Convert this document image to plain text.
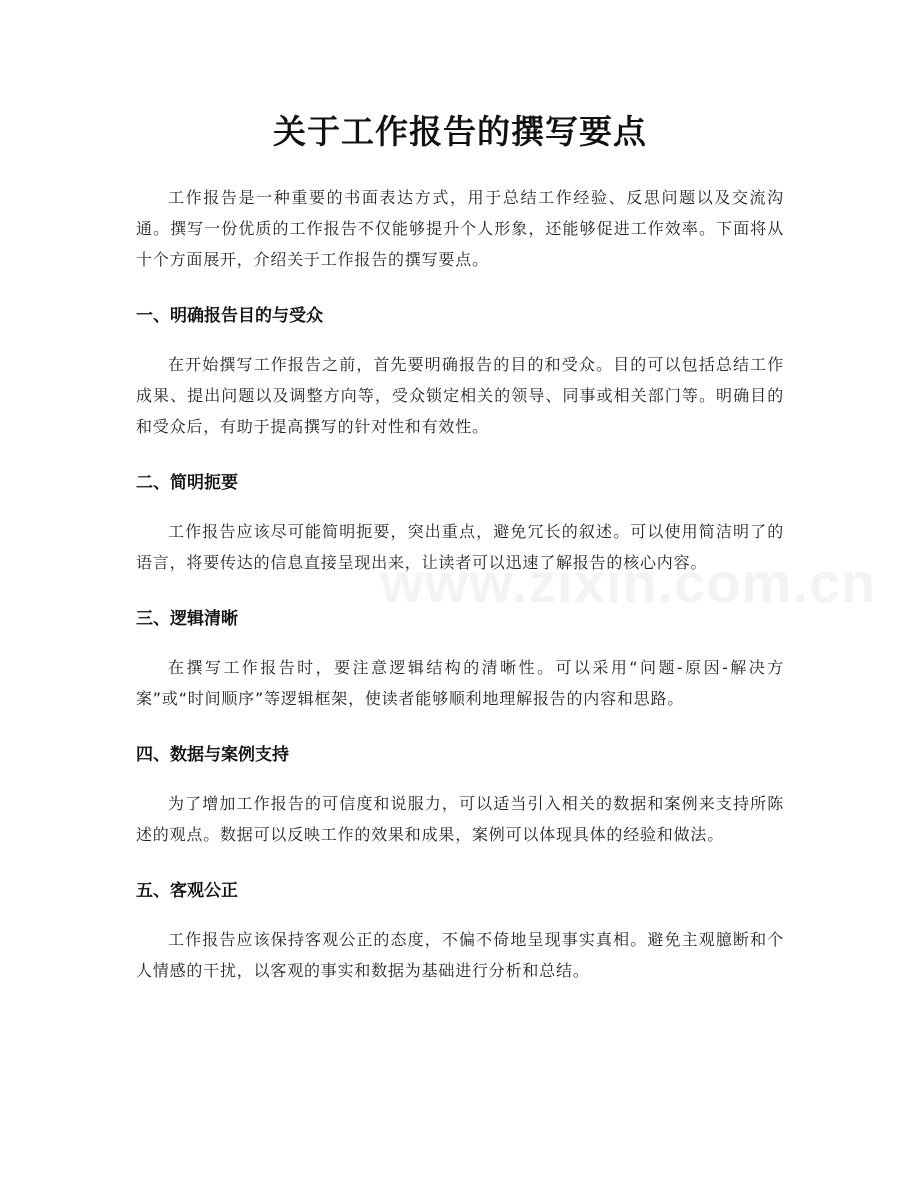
关于工作报告的撰写要点

工作报告是一种重要的书面表达方式，用于总结工作经验、反思问题以及交流沟通。撰写一份优质的工作报告不仅能够提升个人形象，还能够促进工作效率。下面将从十个方面展开，介绍关于工作报告的撰写要点。

一、明确报告目的与受众

在开始撰写工作报告之前，首先要明确报告的目的和受众。目的可以包括总结工作成果、提出问题以及调整方向等，受众锁定相关的领导、同事或相关部门等。明确目的和受众后，有助于提高撰写的针对性和有效性。

二、简明扼要

工作报告应该尽可能简明扼要，突出重点，避免冗长的叙述。可以使用简洁明了的语言，将要传达的信息直接呈现出来，让读者可以迅速了解报告的核心内容。

三、逻辑清晰

在撰写工作报告时，要注意逻辑结构的清晰性。可以采用“问题-原因-解决方案”或“时间顺序”等逻辑框架，使读者能够顺利地理解报告的内容和思路。

四、数据与案例支持

为了增加工作报告的可信度和说服力，可以适当引入相关的数据和案例来支持所陈述的观点。数据可以反映工作的效果和成果，案例可以体现具体的经验和做法。

五、客观公正

工作报告应该保持客观公正的态度，不偏不倚地呈现事实真相。避免主观臆断和个人情感的干扰，以客观的事实和数据为基础进行分析和总结。
